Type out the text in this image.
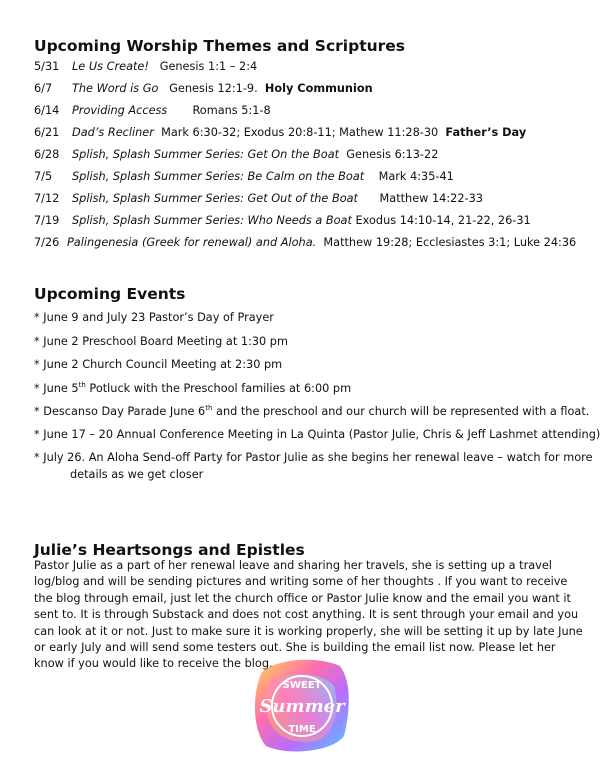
Upcoming Worship Themes and Scriptures
5/31 Le Us Create! Genesis 1:1 – 2:4
6/7 The Word is Go Genesis 12:1-9. Holy Communion
6/14 Providing Access Romans 5:1-8
6/21 Dad’s Recliner Mark 6:30-32; Exodus 20:8-11; Mathew 11:28-30 Father’s Day
6/28 Splish, Splash Summer Series: Get On the Boat Genesis 6:13-22
7/5 Splish, Splash Summer Series: Be Calm on the Boat Mark 4:35-41
7/12 Splish, Splash Summer Series: Get Out of the Boat Matthew 14:22-33
7/19 Splish, Splash Summer Series: Who Needs a Boat Exodus 14:10-14, 21-22, 26-31
7/26 Palingenesia (Greek for renewal) and Aloha. Matthew 19:28; Ecclesiastes 3:1; Luke 24:36
Upcoming Events
* June 9 and July 23 Pastor’s Day of Prayer
* June 2 Preschool Board Meeting at 1:30 pm
* June 2 Church Council Meeting at 2:30 pm
* June 5th Potluck with the Preschool families at 6:00 pm
* Descanso Day Parade June 6th and the preschool and our church will be represented with a float.
* June 17 – 20 Annual Conference Meeting in La Quinta (Pastor Julie, Chris & Jeff Lashmet attending)
* July 26. An Aloha Send-off Party for Pastor Julie as she begins her renewal leave – watch for more
details as we get closer
Julie’s Heartsongs and Epistles
Pastor Julie as a part of her renewal leave and sharing her travels, she is setting up a travel log/blog and will be sending pictures and writing some of her thoughts . If you want to receive the blog through email, just let the church office or Pastor Julie know and the email you want it sent to. It is through Substack and does not cost anything. It is sent through your email and you can look at it or not. Just to make sure it is working properly, she will be setting it up by late June or early July and will send some testers out. She is building the email list now. Please let her know if you would like to receive the blog.
SWEET
Summer
TIME
